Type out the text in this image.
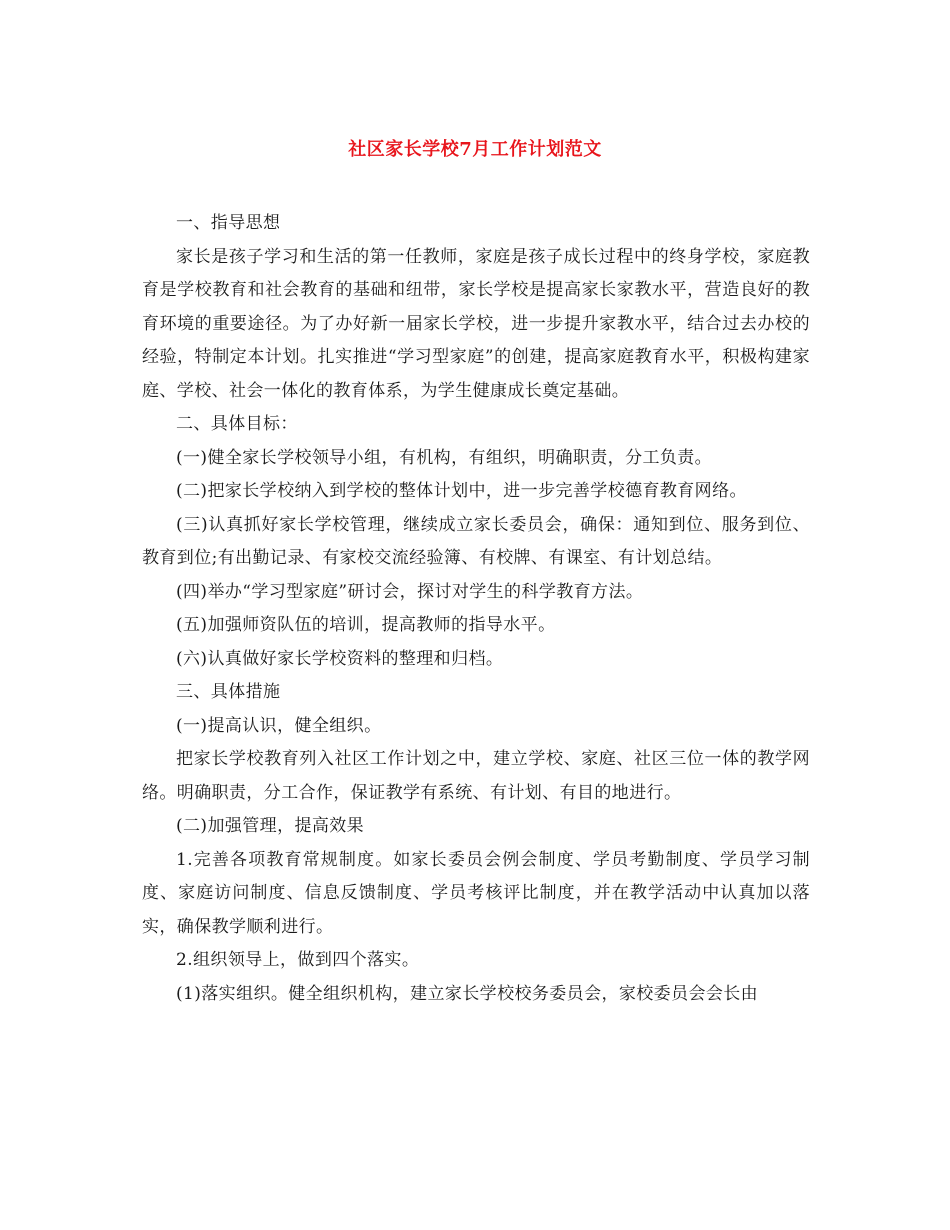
社区家长学校7月工作计划范文

一、指导思想

家长是孩子学习和生活的第一任教师，家庭是孩子成长过程中的终身学校，家庭教育是学校教育和社会教育的基础和纽带，家长学校是提高家长家教水平，营造良好的教育环境的重要途径。为了办好新一届家长学校，进一步提升家教水平，结合过去办校的经验，特制定本计划。扎实推进“学习型家庭”的创建，提高家庭教育水平，积极构建家庭、学校、社会一体化的教育体系，为学生健康成长奠定基础。

二、具体目标：

(一)健全家长学校领导小组，有机构，有组织，明确职责，分工负责。

(二)把家长学校纳入到学校的整体计划中，进一步完善学校德育教育网络。

(三)认真抓好家长学校管理，继续成立家长委员会，确保：通知到位、服务到位、教育到位;有出勤记录、有家校交流经验簿、有校牌、有课室、有计划总结。

(四)举办“学习型家庭”研讨会，探讨对学生的科学教育方法。

(五)加强师资队伍的培训，提高教师的指导水平。

(六)认真做好家长学校资料的整理和归档。

三、具体措施

(一)提高认识，健全组织。

把家长学校教育列入社区工作计划之中，建立学校、家庭、社区三位一体的教学网络。明确职责，分工合作，保证教学有系统、有计划、有目的地进行。

(二)加强管理，提高效果

1.完善各项教育常规制度。如家长委员会例会制度、学员考勤制度、学员学习制度、家庭访问制度、信息反馈制度、学员考核评比制度，并在教学活动中认真加以落实，确保教学顺利进行。

2.组织领导上，做到四个落实。

(1)落实组织。健全组织机构，建立家长学校校务委员会，家校委员会会长由
